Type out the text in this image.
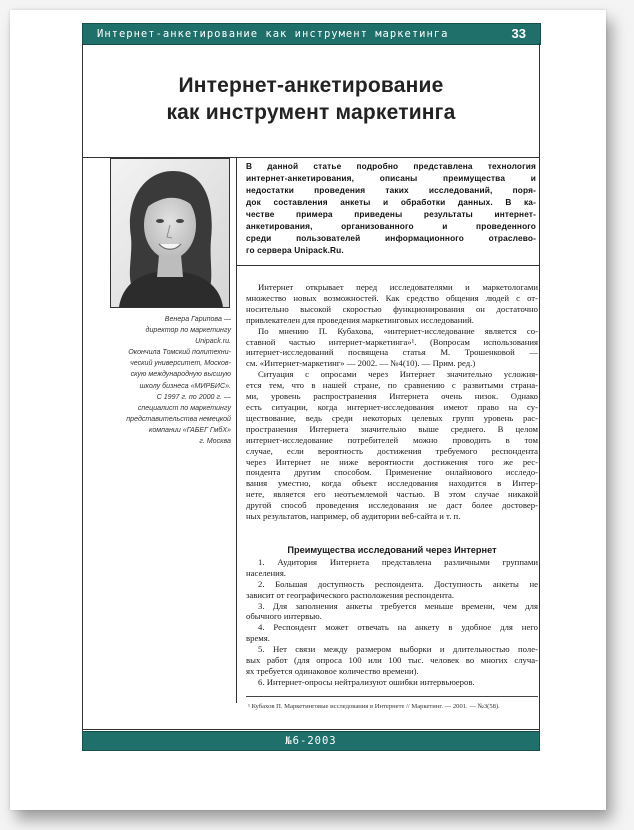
Интернет-анкетирование как инструмент маркетинга	33
Интернет-анкетирование
как инструмент маркетинга
Венера Гарипова —
директор по маркетингу
Unipack.ru.
Окончила Томский политехни-
ческий университет, Москов-
скую международную высшую
школу бизнеса «МИРБИС».
С 1997 г. по 2000 г. —
специалист по маркетингу
представительства немецкой
компании «ГАБЕГ ГмбХ»
г. Москва
В данной статье подробно представлена технология
интернет-анкетирования, описаны преимущества и
недостатки проведения таких исследований, поря-
док составления анкеты и обработки данных. В ка-
честве примера приведены результаты интернет-
анкетирования, организованного и проведенного
среди пользователей информационного отраслево-
го сервера Unipack.Ru.
Интернет открывает перед исследователями и маркетологами
множество новых возможностей. Как средство общения людей с от-
носительно высокой скоростью функционирования он достаточно
привлекателен для проведения маркетинговых исследований.
По мнению П. Кубахова, «интернет-исследование является со-
ставной частью интернет-маркетинга»¹. (Вопросам использования
интернет-исследований посвящена статья М. Трошенковой —
см. «Интернет-маркетинг» — 2002. — №4(10). — Прим. ред.)
Ситуация с опросами через Интернет значительно усложня-
ется тем, что в нашей стране, по сравнению с развитыми страна-
ми, уровень распространения Интернета очень низок. Однако
есть ситуации, когда интернет-исследования имеют право на су-
ществование, ведь среди некоторых целевых групп уровень рас-
пространения Интернета значительно выше среднего. В целом
интернет-исследование потребителей можно проводить в том
случае, если вероятность достижения требуемого респондента
через Интернет не ниже вероятности достижения того же рес-
пондента другим способом. Применение онлайнового исследо-
вания уместно, когда объект исследования находится в Интер-
нете, является его неотъемлемой частью. В этом случае никакой
другой способ проведения исследования не даст более достовер-
ных результатов, например, об аудитории веб-сайта и т. п.
Преимущества исследований через Интернет
1. Аудитория Интернета представлена различными группами
населения.
2. Большая доступность респондента. Доступность анкеты не
зависит от географического расположения респондента.
3. Для заполнения анкеты требуется меньше времени, чем для
обычного интервью.
4. Респондент может отвечать на анкету в удобное для него
время.
5. Нет связи между размером выборки и длительностью поле-
вых работ (для опроса 100 или 100 тыс. человек во многих случа-
ях требуется одинаковое количество времени).
6. Интернет-опросы нейтрализуют ошибки интервьюеров.
¹ Кубахов П. Маркетинговые исследования в Интернете // Маркетинг. — 2001. — №3(58).
№6-2003
